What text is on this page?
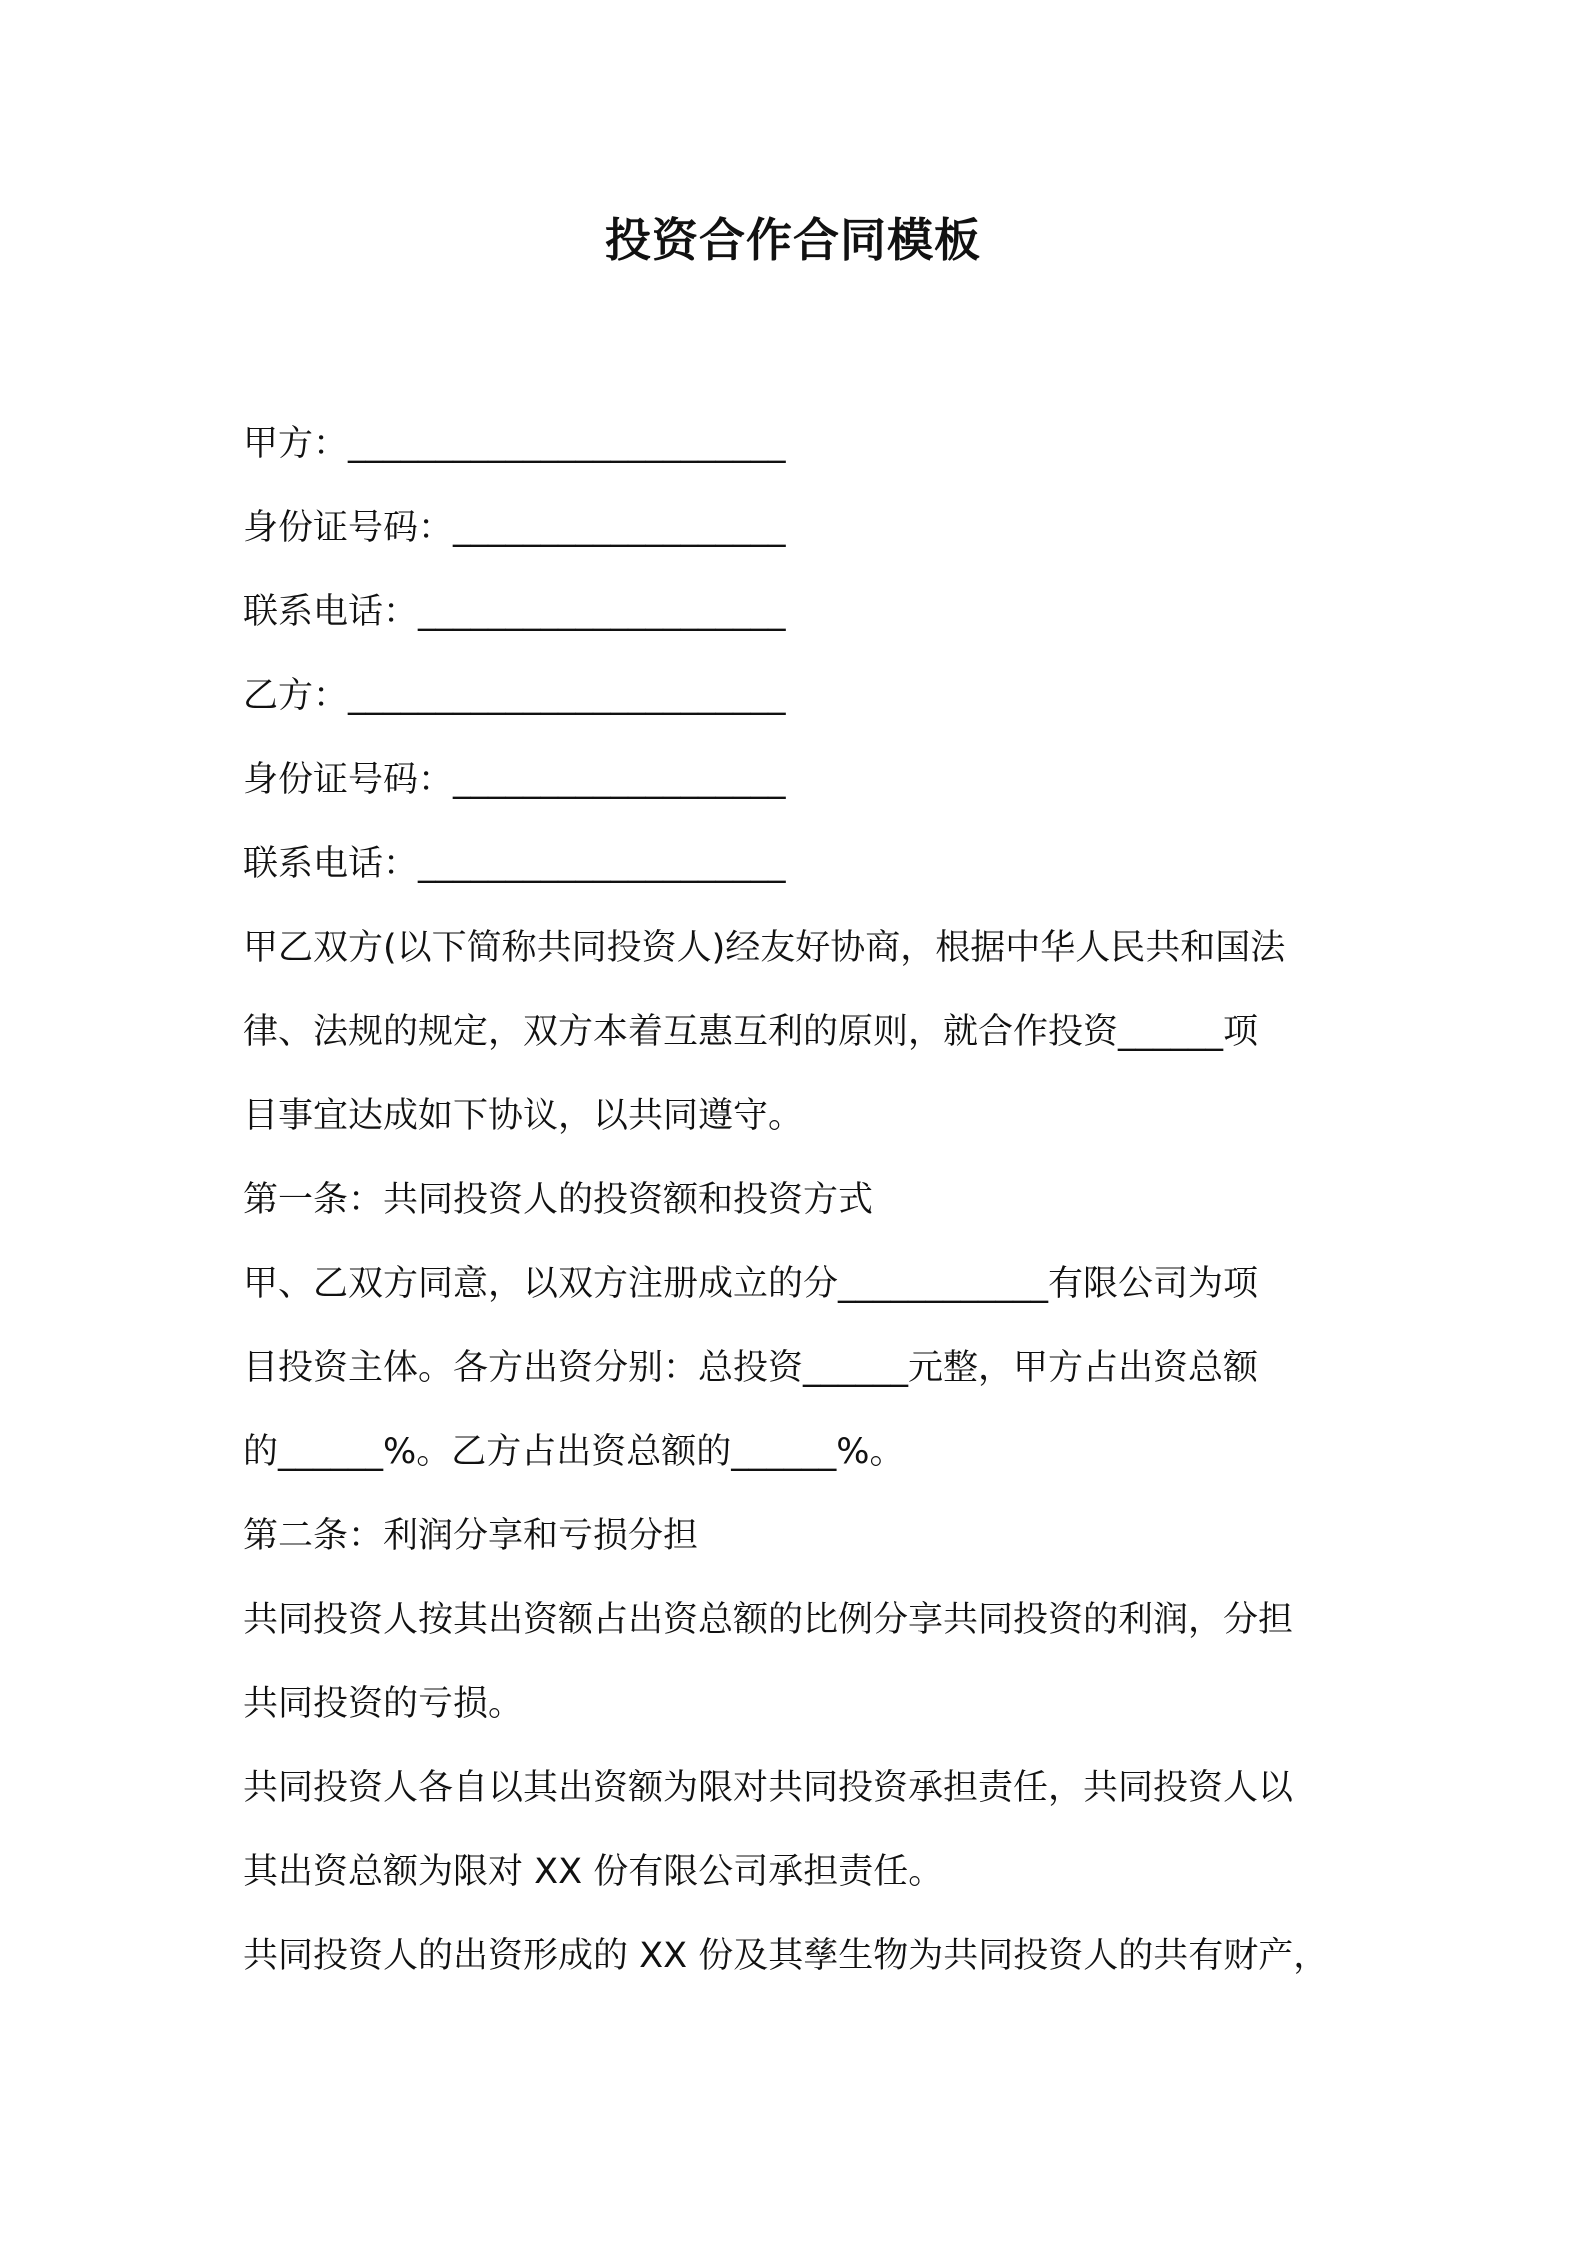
投资合作合同模板
甲方：_________________________
身份证号码：___________________
联系电话：_____________________
乙方：_________________________
身份证号码：___________________
联系电话：_____________________
甲乙双方(以下简称共同投资人)经友好协商，根据中华人民共和国法
律、法规的规定，双方本着互惠互利的原则，就合作投资______项
目事宜达成如下协议，以共同遵守。
第一条：共同投资人的投资额和投资方式
甲、乙双方同意，以双方注册成立的分____________有限公司为项
目投资主体。各方出资分别：总投资______元整，甲方占出资总额
的______%。乙方占出资总额的______%。
第二条：利润分享和亏损分担
共同投资人按其出资额占出资总额的比例分享共同投资的利润，分担
共同投资的亏损。
共同投资人各自以其出资额为限对共同投资承担责任，共同投资人以
其出资总额为限对 XX 份有限公司承担责任。
共同投资人的出资形成的 XX 份及其孳生物为共同投资人的共有财产，
